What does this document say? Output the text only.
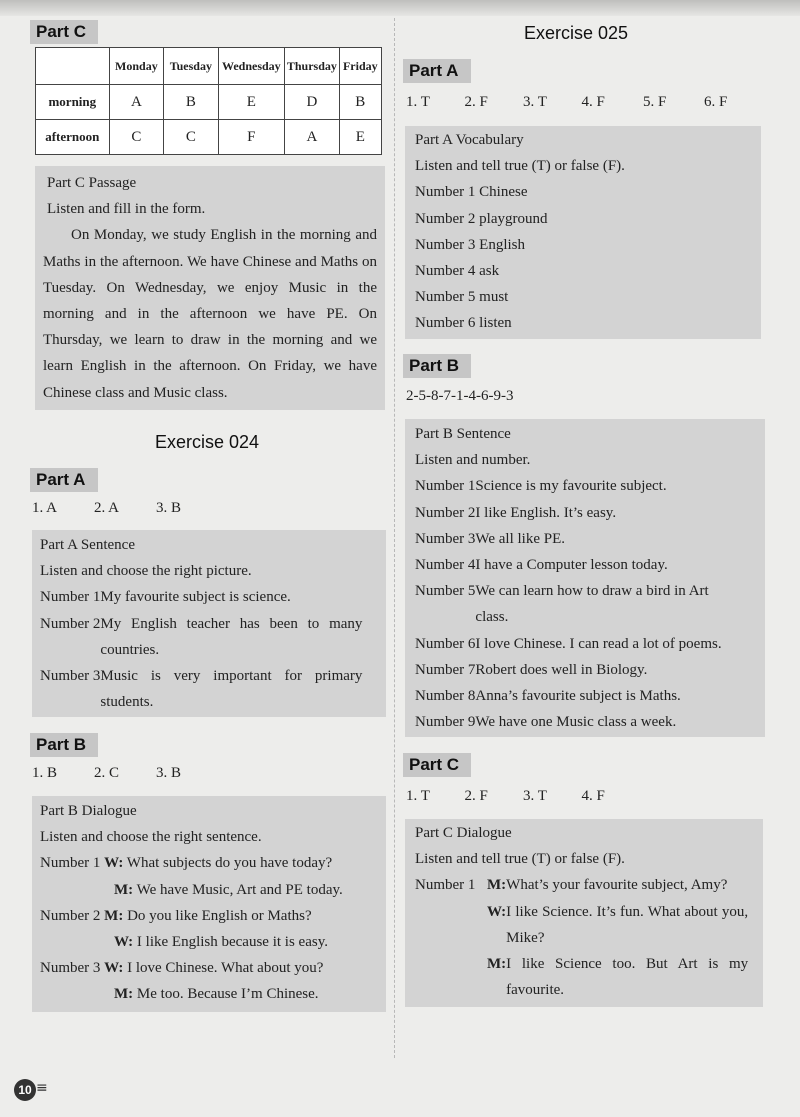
Part C
	Monday	Tuesday	Wednesday	Thursday	Friday
morning	A	B	E	D	B
afternoon	C	C	F	A	E
Part C Passage
Listen and fill in the form.

On Monday, we study English in the morning and Maths in the afternoon. We have Chinese and Maths on Tuesday. On Wednesday, we enjoy Music in the morning and in the afternoon we have PE. On Thursday, we learn to draw in the morning and we learn English in the afternoon. On Friday, we have Chinese class and Music class.

Exercise 024
Part A
1. A 2. A 3. B
Part A Sentence
Listen and choose the right picture.
Number 1 My favourite subject is science.
Number 2 My English teacher has been to many countries.
Number 3 Music is very important for primary students.
Part B
1. B 2. C 3. B
Part B Dialogue
Listen and choose the right sentence.
Number 1 W: What subjects do you have today?
M: We have Music, Art and PE today.
Number 2 M: Do you like English or Maths?
W: I like English because it is easy.
Number 3 W: I love Chinese. What about you?
M: Me too. Because I’m Chinese.
Exercise 025
Part A
1. T 2. F 3. T 4. F	5. F	6. F
Part A Vocabulary
Listen and tell true (T) or false (F).
Number 1 Chinese
Number 2 playground
Number 3 English
Number 4 ask
Number 5 must
Number 6 listen
Part B
2-5-8-7-1-4-6-9-3
Part B Sentence
Listen and number.
Number 1 Science is my favourite subject.
Number 2 I like English. It’s easy.
Number 3 We all like PE.
Number 4 I have a Computer lesson today.
Number 5 We can learn how to draw a bird in Art class.
Number 6 I love Chinese. I can read a lot of poems.
Number 7 Robert does well in Biology.
Number 8 Anna’s favourite subject is Maths.
Number 9 We have one Music class a week.
Part C
1. T 2. F 3. T 4. F
Part C Dialogue
Listen and tell true (T) or false (F).
Number 1 M: What’s your favourite subject, Amy?
W: I like Science. It’s fun. What about you, Mike?
M: I like Science too. But Art is my favourite.
10 ≡
